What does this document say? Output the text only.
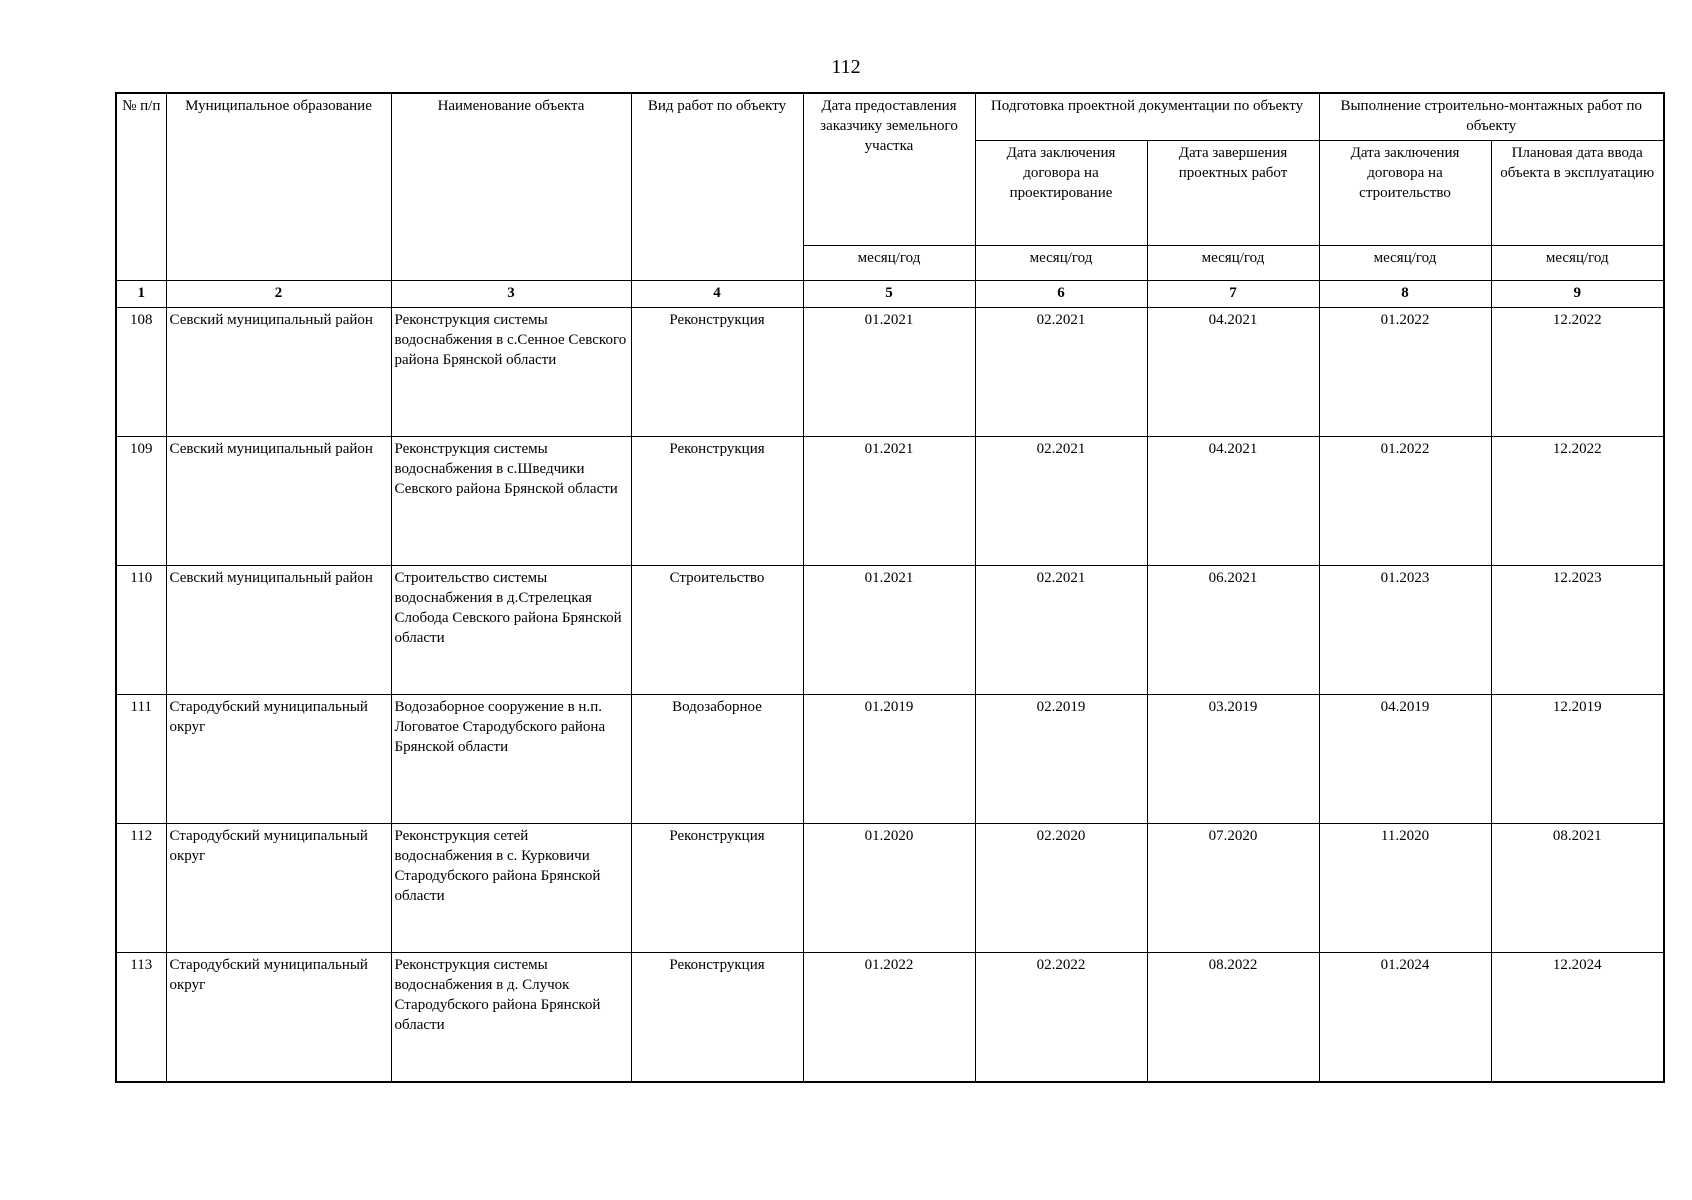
112
№ п/п	Муниципальное образование	Наименование объекта	Вид работ по объекту	Дата предоставления заказчику земельного участка	Подготовка проектной документации по объекту		Выполнение строительно-монтажных работ по объекту	
					Дата заключения договора на проектирование	Дата завершения проектных работ	Дата заключения договора на строительство	Плановая дата ввода объекта в эксплуатацию
				месяц/год	месяц/год	месяц/год	месяц/год	месяц/год
1	2	3	4	5	6	7	8	9
108	Севский муниципальный район	Реконструкция системы водоснабжения в с.Сенное Севского района Брянской области	Реконструкция	01.2021	02.2021	04.2021	01.2022	12.2022
109	Севский муниципальный район	Реконструкция системы водоснабжения в с.Шведчики Севского района Брянской области	Реконструкция	01.2021	02.2021	04.2021	01.2022	12.2022
110	Севский муниципальный район	Строительство системы водоснабжения в д.Стрелецкая Слобода Севского района Брянской области	Строительство	01.2021	02.2021	06.2021	01.2023	12.2023
111	Стародубский муниципальный округ	Водозаборное сооружение в н.п. Логоватое Стародубского района Брянской области	Водозаборное	01.2019	02.2019	03.2019	04.2019	12.2019
112	Стародубский муниципальный округ	Реконструкция сетей водоснабжения в с. Курковичи Стародубского района Брянской области	Реконструкция	01.2020	02.2020	07.2020	11.2020	08.2021
113	Стародубский муниципальный округ	Реконструкция системы водоснабжения в д. Случок Стародубского района Брянской области	Реконструкция	01.2022	02.2022	08.2022	01.2024	12.2024
